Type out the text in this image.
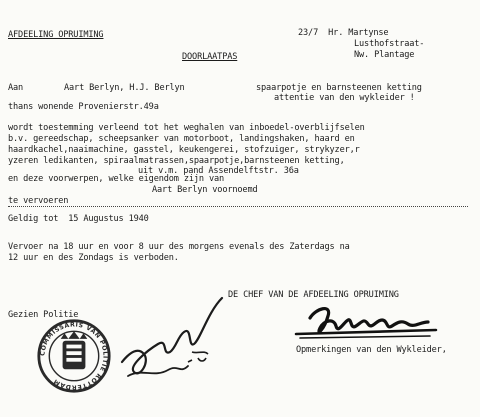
AFDEELING OPRUIMING	23/7  Hr. Martynse
Lusthofstraat-
Nw. Plantage
DOORLAATPAS
Aan	Aart Berlyn, H.J. Berlyn	spaarpotje en barnsteenen ketting
attentie van den wykleider !
thans wonende Provenierstr.49a
wordt toestemming verleend tot het weghalen van inboedel-overblijfselen
b.v. gereedschap, scheepsanker van motorboot, landingshaken, haard en
haardkachel,naaimachine, gasstel, keukengerei, stofzuiger, strykyzer,r
yzeren ledikanten, spiraalmatrassen,spaarpotje,barnsteenen ketting,
uit v.m. pand Assendelftstr. 36a
en deze voorwerpen, welke eigendom zijn van
Aart Berlyn voornoemd
te vervoeren
Geldig tot  15 Augustus 1940
Vervoer na 18 uur en voor 8 uur des morgens evenals des Zaterdags na
12 uur en des Zondags is verboden.
DE CHEF VAN DE AFDEELING OPRUIMING
Gezien Politie
Opmerkingen van den Wykleider,
COMMISSARIS VAN POLITIE ROTTERDAM
